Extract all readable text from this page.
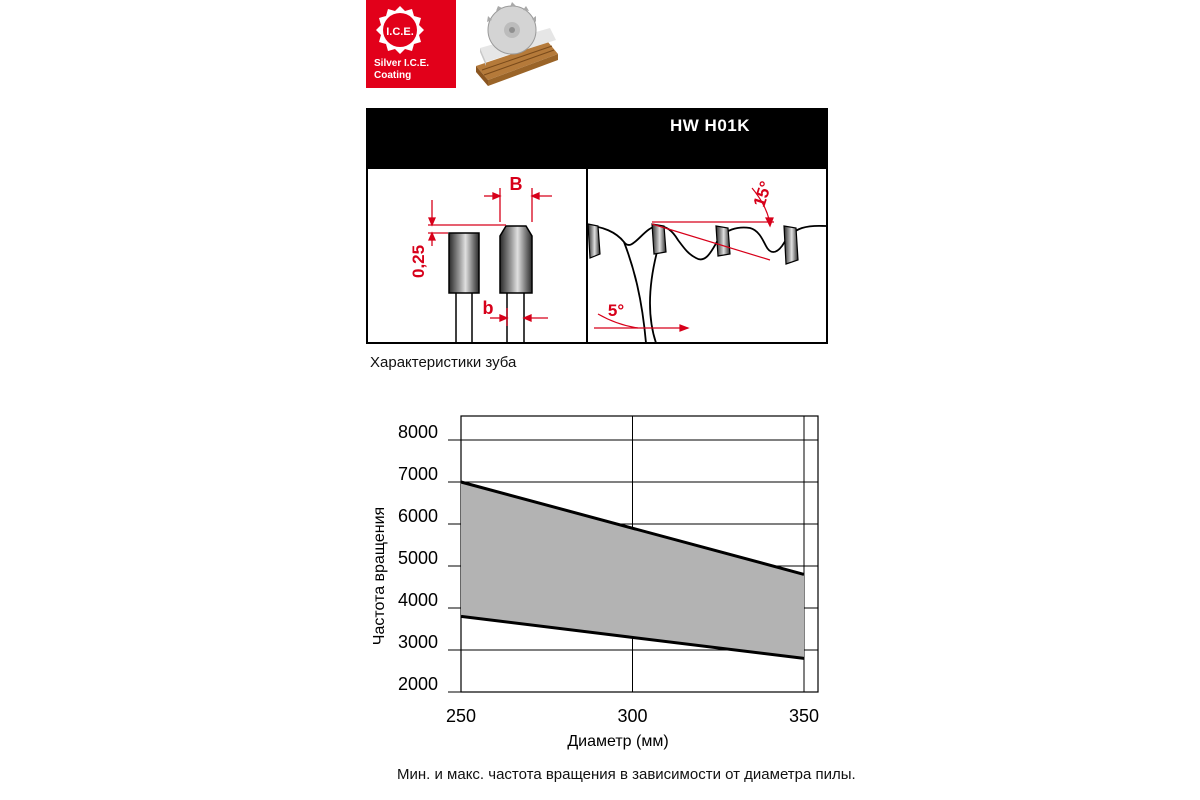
I.C.E.
Silver I.C.E.
Coating
B
b
0,25
15°
5°
HW H01K
Характеристики зуба
8000
7000
6000
5000
4000
3000
2000
250	300	350
Частота вращения
Диаметр (мм)
Мин. и макс. частота вращения в зависимости от диаметра пилы.
